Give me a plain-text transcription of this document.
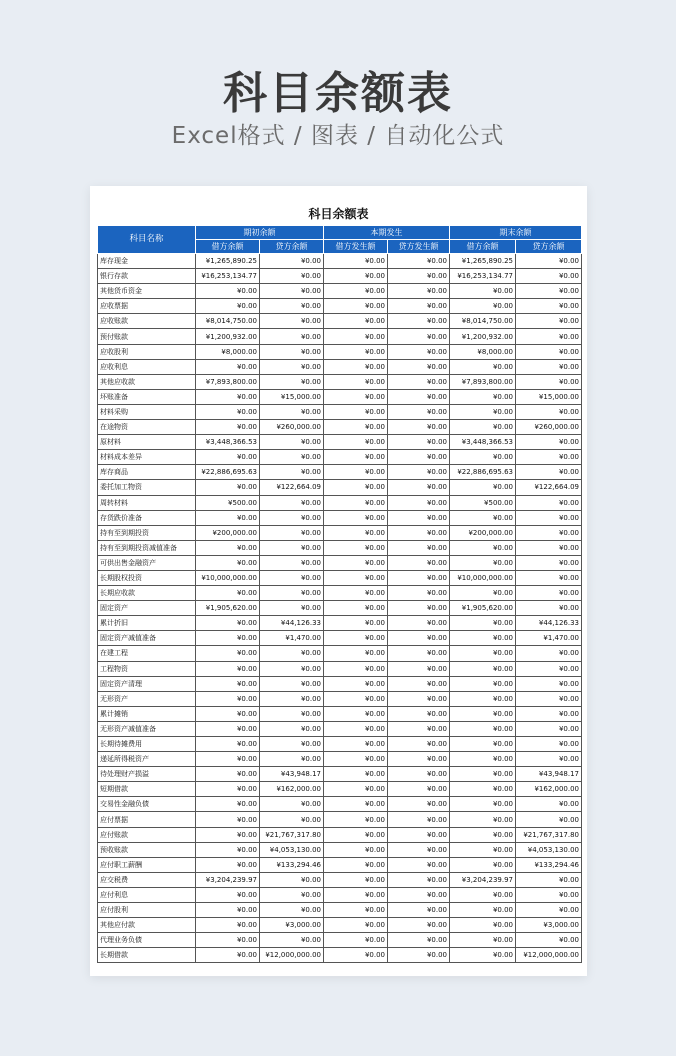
科目余额表
Excel格式 / 图表 / 自动化公式
科目余额表
科目名称	期初余额		本期发生		期末余额	
	借方余额	贷方余额	借方发生额	贷方发生额	借方余额	贷方余额
库存现金	¥1,265,890.25	¥0.00	¥0.00	¥0.00	¥1,265,890.25	¥0.00
银行存款	¥16,253,134.77	¥0.00	¥0.00	¥0.00	¥16,253,134.77	¥0.00
其他货币资金	¥0.00	¥0.00	¥0.00	¥0.00	¥0.00	¥0.00
应收票据	¥0.00	¥0.00	¥0.00	¥0.00	¥0.00	¥0.00
应收账款	¥8,014,750.00	¥0.00	¥0.00	¥0.00	¥8,014,750.00	¥0.00
预付账款	¥1,200,932.00	¥0.00	¥0.00	¥0.00	¥1,200,932.00	¥0.00
应收股利	¥8,000.00	¥0.00	¥0.00	¥0.00	¥8,000.00	¥0.00
应收利息	¥0.00	¥0.00	¥0.00	¥0.00	¥0.00	¥0.00
其他应收款	¥7,893,800.00	¥0.00	¥0.00	¥0.00	¥7,893,800.00	¥0.00
坏账准备	¥0.00	¥15,000.00	¥0.00	¥0.00	¥0.00	¥15,000.00
材料采购	¥0.00	¥0.00	¥0.00	¥0.00	¥0.00	¥0.00
在途物资	¥0.00	¥260,000.00	¥0.00	¥0.00	¥0.00	¥260,000.00
原材料	¥3,448,366.53	¥0.00	¥0.00	¥0.00	¥3,448,366.53	¥0.00
材料成本差异	¥0.00	¥0.00	¥0.00	¥0.00	¥0.00	¥0.00
库存商品	¥22,886,695.63	¥0.00	¥0.00	¥0.00	¥22,886,695.63	¥0.00
委托加工物资	¥0.00	¥122,664.09	¥0.00	¥0.00	¥0.00	¥122,664.09
周转材料	¥500.00	¥0.00	¥0.00	¥0.00	¥500.00	¥0.00
存货跌价准备	¥0.00	¥0.00	¥0.00	¥0.00	¥0.00	¥0.00
持有至到期投资	¥200,000.00	¥0.00	¥0.00	¥0.00	¥200,000.00	¥0.00
持有至到期投资减值准备	¥0.00	¥0.00	¥0.00	¥0.00	¥0.00	¥0.00
可供出售金融资产	¥0.00	¥0.00	¥0.00	¥0.00	¥0.00	¥0.00
长期股权投资	¥10,000,000.00	¥0.00	¥0.00	¥0.00	¥10,000,000.00	¥0.00
长期应收款	¥0.00	¥0.00	¥0.00	¥0.00	¥0.00	¥0.00
固定资产	¥1,905,620.00	¥0.00	¥0.00	¥0.00	¥1,905,620.00	¥0.00
累计折旧	¥0.00	¥44,126.33	¥0.00	¥0.00	¥0.00	¥44,126.33
固定资产减值准备	¥0.00	¥1,470.00	¥0.00	¥0.00	¥0.00	¥1,470.00
在建工程	¥0.00	¥0.00	¥0.00	¥0.00	¥0.00	¥0.00
工程物资	¥0.00	¥0.00	¥0.00	¥0.00	¥0.00	¥0.00
固定资产清理	¥0.00	¥0.00	¥0.00	¥0.00	¥0.00	¥0.00
无形资产	¥0.00	¥0.00	¥0.00	¥0.00	¥0.00	¥0.00
累计摊销	¥0.00	¥0.00	¥0.00	¥0.00	¥0.00	¥0.00
无形资产减值准备	¥0.00	¥0.00	¥0.00	¥0.00	¥0.00	¥0.00
长期待摊费用	¥0.00	¥0.00	¥0.00	¥0.00	¥0.00	¥0.00
递延所得税资产	¥0.00	¥0.00	¥0.00	¥0.00	¥0.00	¥0.00
待处理财产损溢	¥0.00	¥43,948.17	¥0.00	¥0.00	¥0.00	¥43,948.17
短期借款	¥0.00	¥162,000.00	¥0.00	¥0.00	¥0.00	¥162,000.00
交易性金融负债	¥0.00	¥0.00	¥0.00	¥0.00	¥0.00	¥0.00
应付票据	¥0.00	¥0.00	¥0.00	¥0.00	¥0.00	¥0.00
应付账款	¥0.00	¥21,767,317.80	¥0.00	¥0.00	¥0.00	¥21,767,317.80
预收账款	¥0.00	¥4,053,130.00	¥0.00	¥0.00	¥0.00	¥4,053,130.00
应付职工薪酬	¥0.00	¥133,294.46	¥0.00	¥0.00	¥0.00	¥133,294.46
应交税费	¥3,204,239.97	¥0.00	¥0.00	¥0.00	¥3,204,239.97	¥0.00
应付利息	¥0.00	¥0.00	¥0.00	¥0.00	¥0.00	¥0.00
应付股利	¥0.00	¥0.00	¥0.00	¥0.00	¥0.00	¥0.00
其他应付款	¥0.00	¥3,000.00	¥0.00	¥0.00	¥0.00	¥3,000.00
代理业务负债	¥0.00	¥0.00	¥0.00	¥0.00	¥0.00	¥0.00
长期借款	¥0.00	¥12,000,000.00	¥0.00	¥0.00	¥0.00	¥12,000,000.00
